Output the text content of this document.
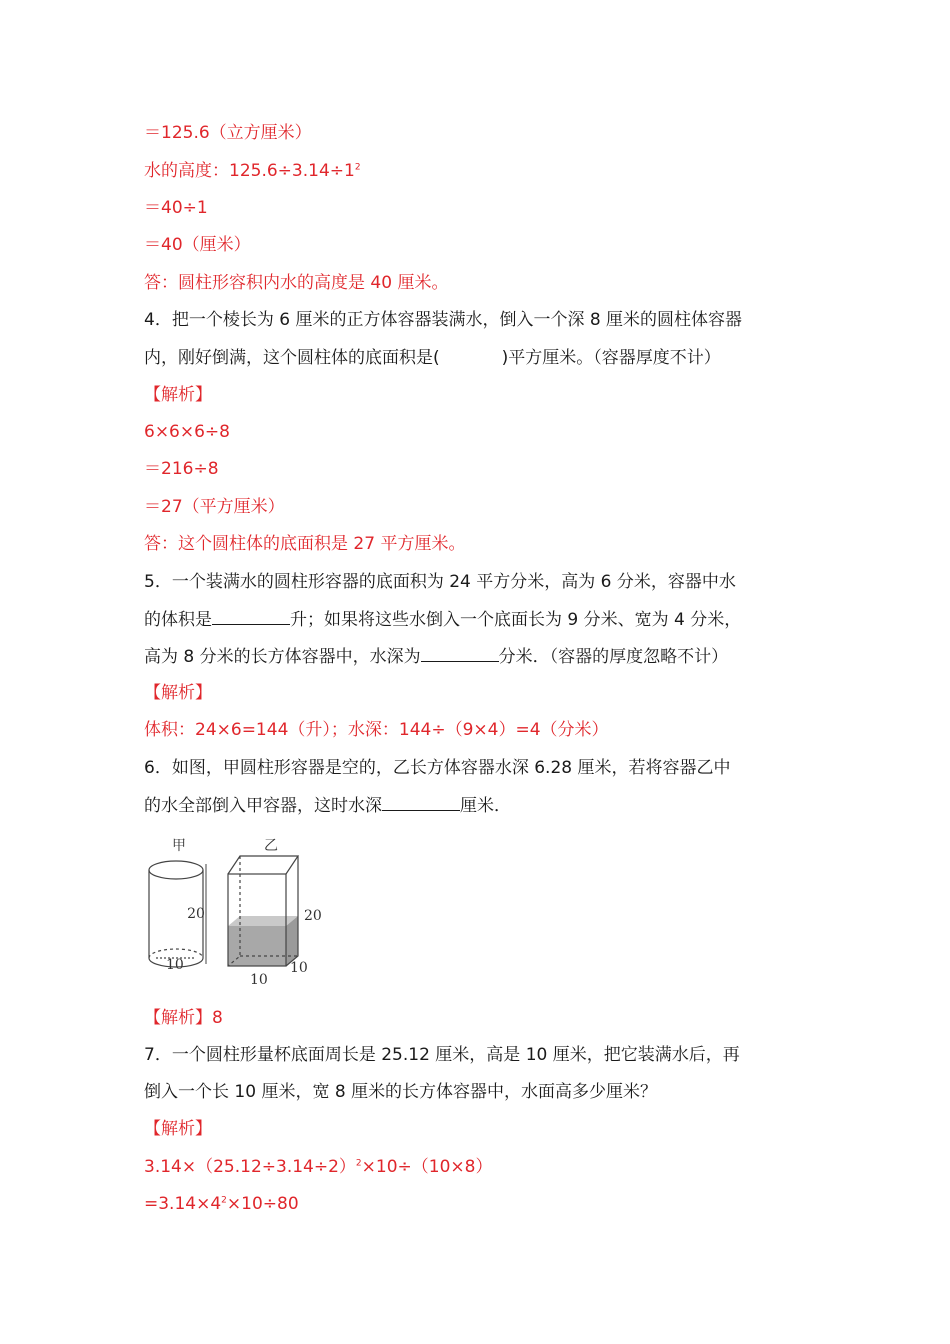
＝125.6（立方厘米）
水的高度：$125.6\div 3.14\div 1^2$
＝40÷1
＝40（厘米）
答：圆柱形容积内水的高度是 40 厘米。
4．把一个棱长为 6 厘米的正方体容器装满水，倒入一个深 8 厘米的圆柱体容器
内，刚好倒满，这个圆柱体的底面积是(	)平方厘米。（容器厚度不计）
【解析】
6×6×6÷8
＝216÷8
＝27（平方厘米）
答：这个圆柱体的底面积是 27 平方厘米。
5．一个装满水的圆柱形容器的底面积为 24 平方分米，高为 6 分米，容器中水
的体积是	升；如果将这些水倒入一个底面长为 9 分米、宽为 4 分米，
高为 8 分米的长方体容器中，水深为	分米．（容器的厚度忽略不计）
【解析】
体积：24×6=144（升）；水深：144÷（9×4）=4（分米）
6．如图，甲圆柱形容器是空的，乙长方体容器水深 6.28 厘米，若将容器乙中
的水全部倒入甲容器，这时水深	厘米．
甲
20
10
乙
20
10
10
【解析】8
7．一个圆柱形量杯底面周长是 25.12 厘米，高是 10 厘米，把它装满水后，再
倒入一个长 10 厘米，宽 8 厘米的长方体容器中，水面高多少厘米？
【解析】
$3.14\times(25.12\div 3.14\div 2)^2\times 10\div(10\times 8)$
$=3.14\times 4^2\times 10\div 80$
